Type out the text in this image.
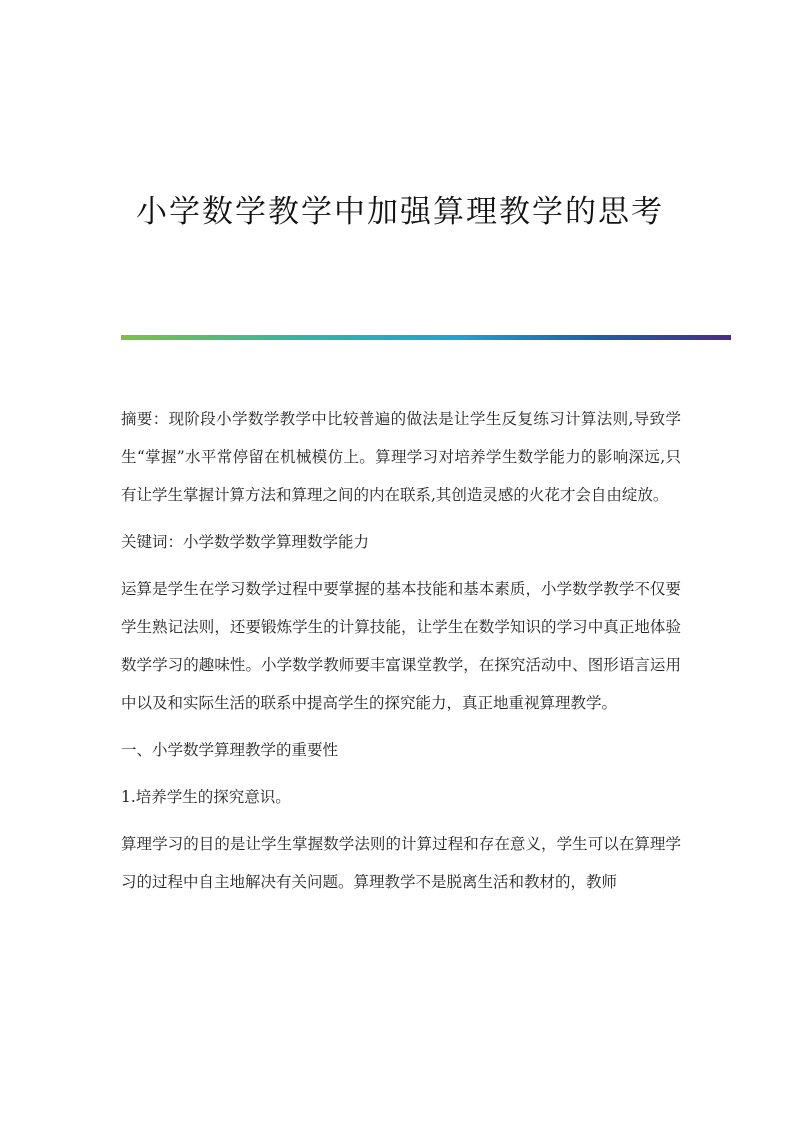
小学数学教学中加强算理教学的思考

摘要：现阶段小学数学教学中比较普遍的做法是让学生反复练习计算法则,导致学生“掌握”水平常停留在机械模仿上。算理学习对培养学生数学能力的影响深远,只有让学生掌握计算方法和算理之间的内在联系,其创造灵感的火花才会自由绽放。

关键词：小学数学数学算理数学能力

运算是学生在学习数学过程中要掌握的基本技能和基本素质，小学数学教学不仅要学生熟记法则，还要锻炼学生的计算技能，让学生在数学知识的学习中真正地体验数学学习的趣味性。小学数学教师要丰富课堂教学，在探究活动中、图形语言运用中以及和实际生活的联系中提高学生的探究能力，真正地重视算理教学。

一、小学数学算理教学的重要性

1.培养学生的探究意识。

算理学习的目的是让学生掌握数学法则的计算过程和存在意义，学生可以在算理学习的过程中自主地解决有关问题。算理教学不是脱离生活和教材的，教师
